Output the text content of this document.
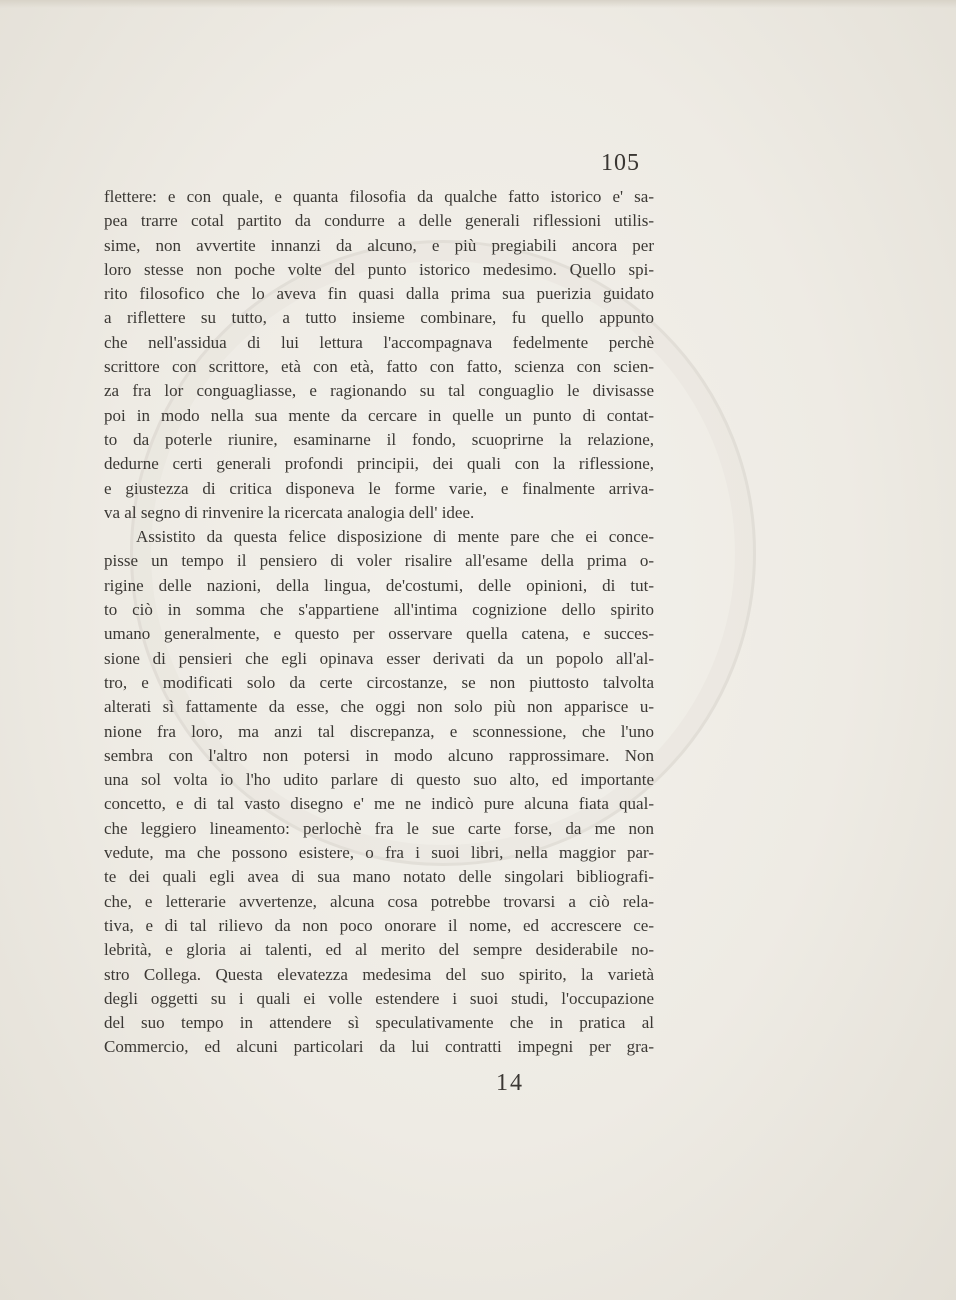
105
flettere: e con quale, e quanta filosofia da qualche fatto istorico e' sa-
pea trarre cotal partito da condurre a delle generali riflessioni utilis-
sime, non avvertite innanzi da alcuno, e più pregiabili ancora per
loro stesse non poche volte del punto istorico medesimo. Quello spi-
rito filosofico che lo aveva fin quasi dalla prima sua puerizia guidato
a riflettere su tutto, a tutto insieme combinare, fu quello appunto
che nell'assidua di lui lettura l'accompagnava fedelmente perchè
scrittore con scrittore, età con età, fatto con fatto, scienza con scien-
za fra lor conguagliasse, e ragionando su tal conguaglio le divisasse
poi in modo nella sua mente da cercare in quelle un punto di contat-
to da poterle riunire, esaminarne il fondo, scuoprirne la relazione,
dedurne certi generali profondi principii, dei quali con la riflessione,
e giustezza di critica disponeva le forme varie, e finalmente arriva-
va al segno di rinvenire la ricercata analogia dell' idee.
Assistito da questa felice disposizione di mente pare che ei conce-
pisse un tempo il pensiero di voler risalire all'esame della prima o-
rigine delle nazioni, della lingua, de'costumi, delle opinioni, di tut-
to ciò in somma che s'appartiene all'intima cognizione dello spirito
umano generalmente, e questo per osservare quella catena, e succes-
sione di pensieri che egli opinava esser derivati da un popolo all'al-
tro, e modificati solo da certe circostanze, se non piuttosto talvolta
alterati sì fattamente da esse, che oggi non solo più non apparisce u-
nione fra loro, ma anzi tal discrepanza, e sconnessione, che l'uno
sembra con l'altro non potersi in modo alcuno rapprossimare. Non
una sol volta io l'ho udito parlare di questo suo alto, ed importante
concetto, e di tal vasto disegno e' me ne indicò pure alcuna fiata qual-
che leggiero lineamento: perlochè fra le sue carte forse, da me non
vedute, ma che possono esistere, o fra i suoi libri, nella maggior par-
te dei quali egli avea di sua mano notato delle singolari bibliografi-
che, e letterarie avvertenze, alcuna cosa potrebbe trovarsi a ciò rela-
tiva, e di tal rilievo da non poco onorare il nome, ed accrescere ce-
lebrità, e gloria ai talenti, ed al merito del sempre desiderabile no-
stro Collega. Questa elevatezza medesima del suo spirito, la varietà
degli oggetti su i quali ei volle estendere i suoi studi, l'occupazione
del suo tempo in attendere sì speculativamente che in pratica al
Commercio, ed alcuni particolari da lui contratti impegni per gra-
14
